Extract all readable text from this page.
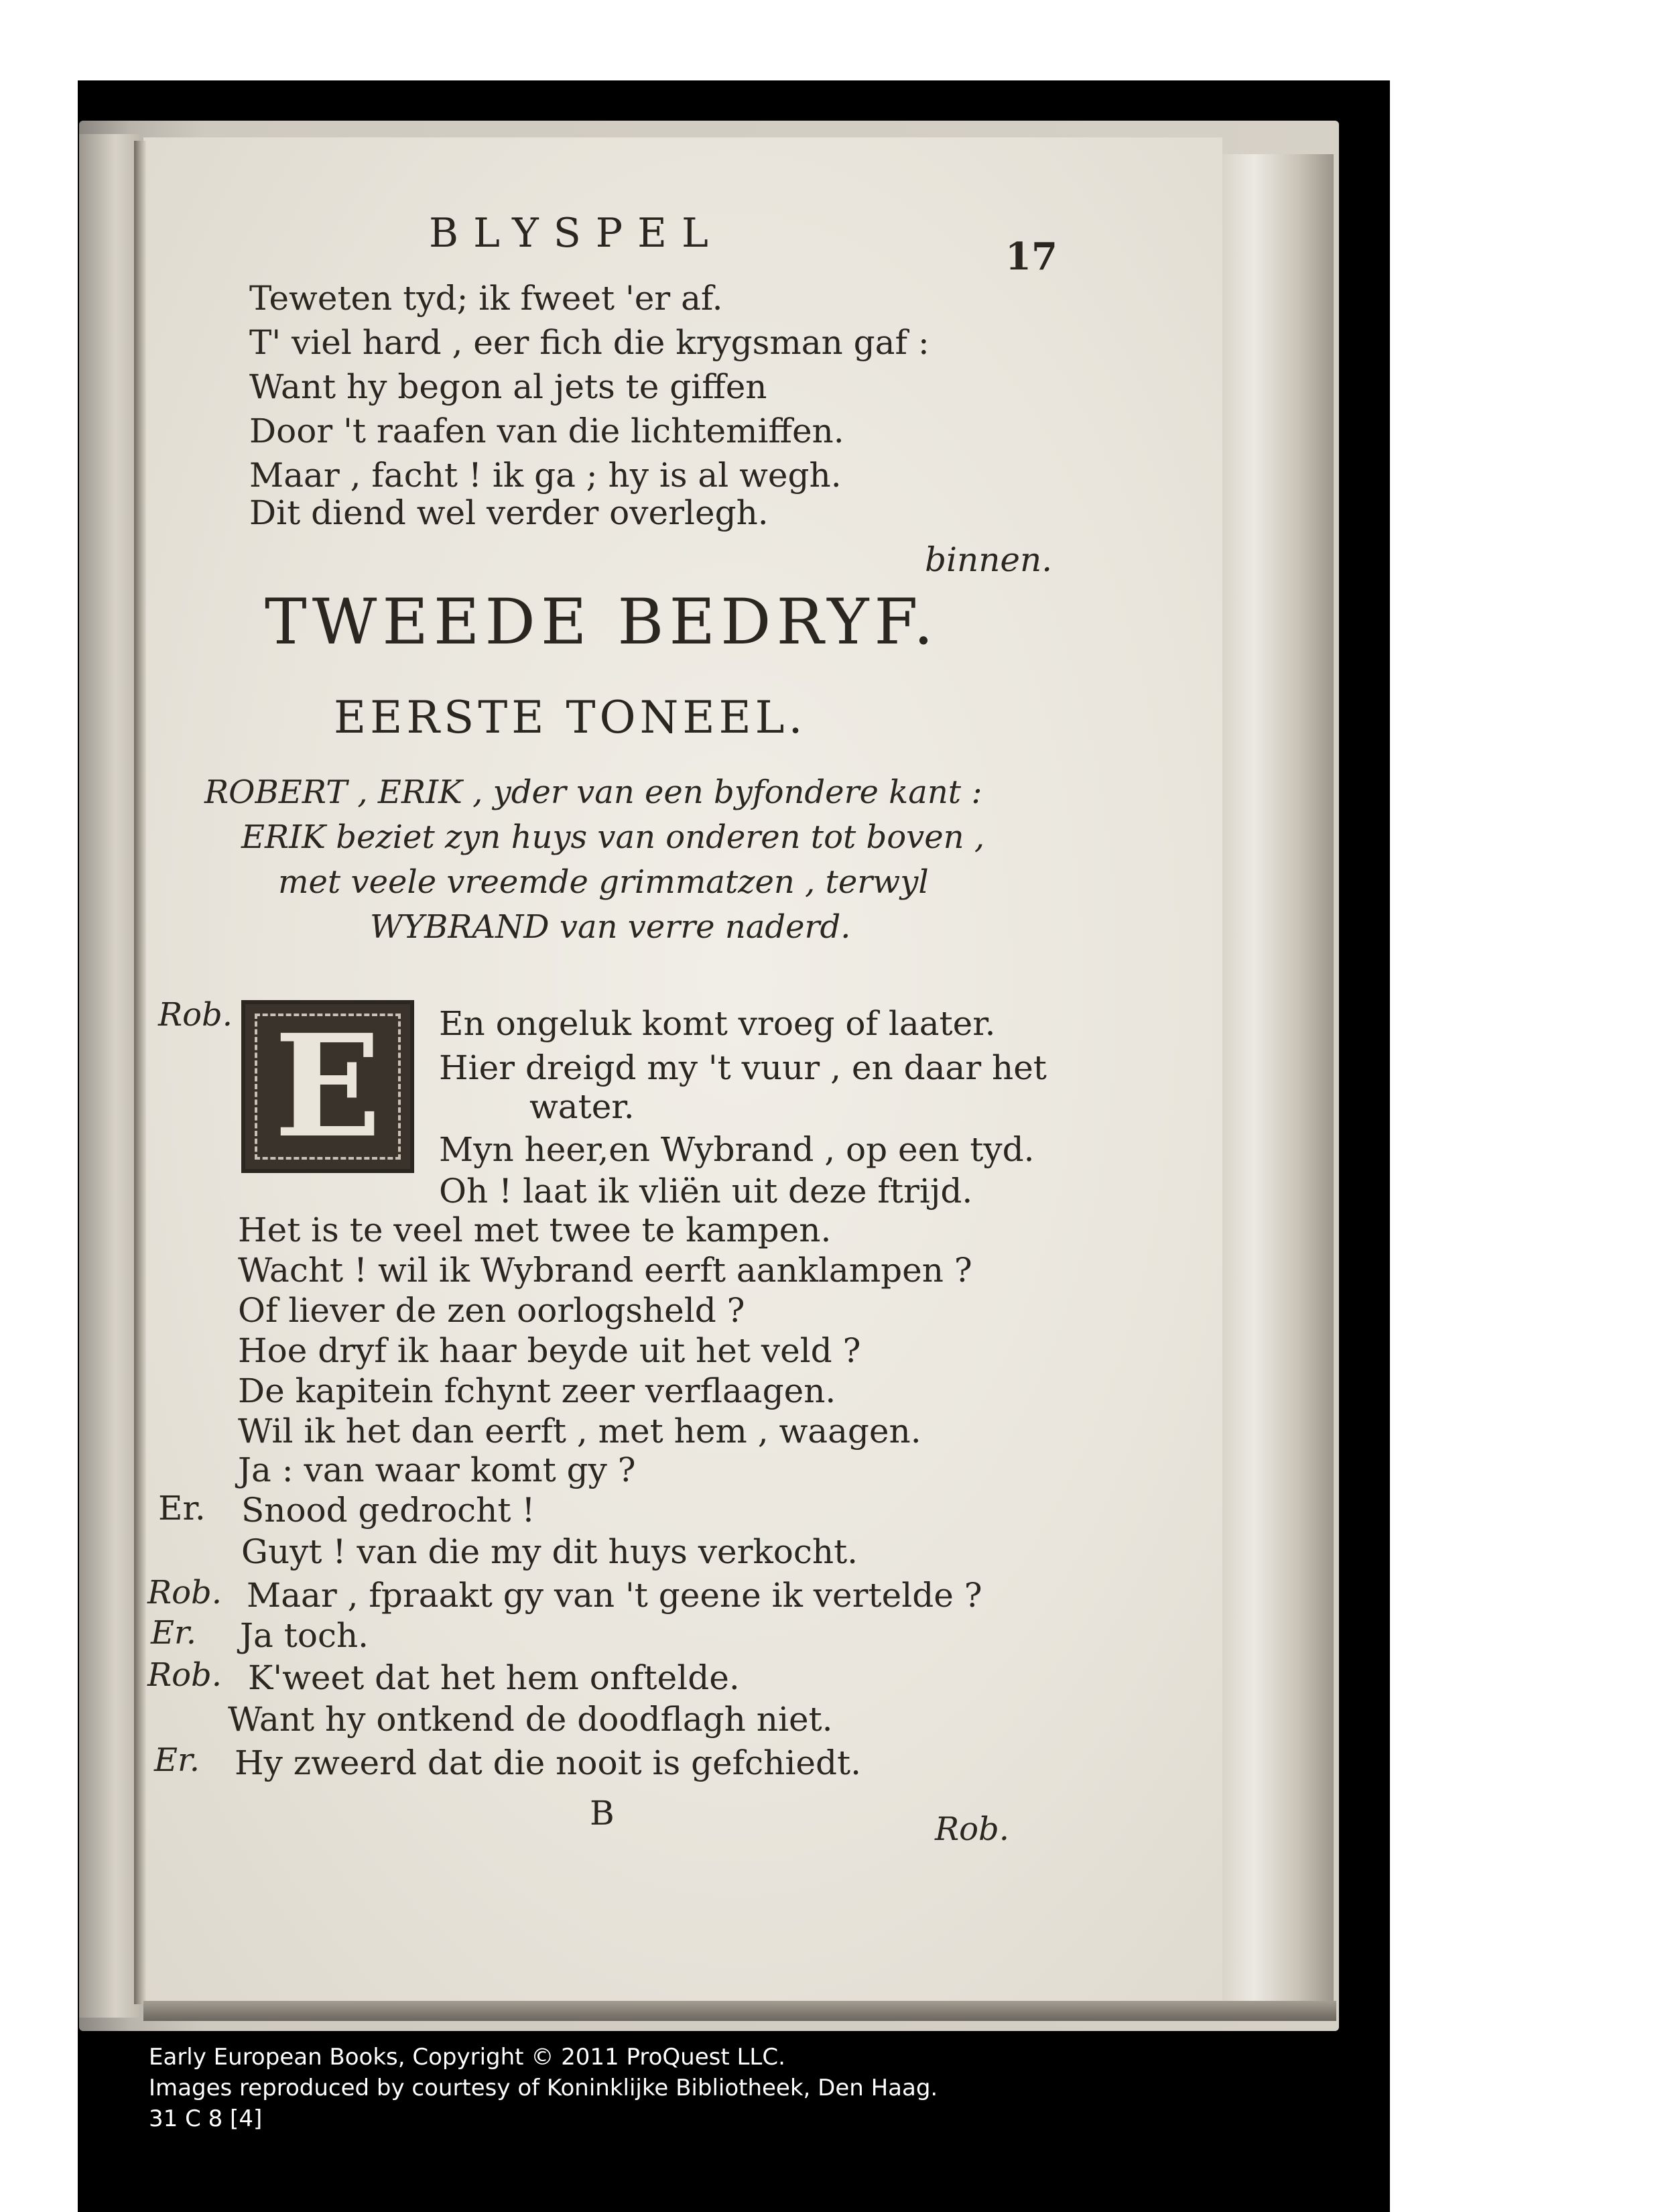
BLYSPEL	17
Teweten tyd; ik fweet 'er af.
T' viel hard , eer fich die krygsman gaf :
Want hy begon al jets te giffen
Door 't raafen van die lichtemiffen.
Maar , facht ! ik ga ; hy is al wegh.
Dit diend wel verder overlegh.
binnen.
TWEEDE BEDRYF.
EERSTE TONEEL.
ROBERT , ERIK , yder van een byfondere kant :
ERIK beziet zyn huys van onderen tot boven ,
met veele vreemde grimmatzen , terwyl
WYBRAND van verre naderd.
E
Rob.	En ongeluk komt vroeg of laater.
Hier dreigd my 't vuur , en daar het
water.
Myn heer,en Wybrand , op een tyd.
Oh ! laat ik vliën uit deze ftrijd.
Het is te veel met twee te kampen.
Wacht ! wil ik Wybrand eerft aanklampen ?
Of liever de zen oorlogsheld ?
Hoe dryf ik haar beyde uit het veld ?
De kapitein fchynt zeer verflaagen.
Wil ik het dan eerft , met hem , waagen.
Ja : van waar komt gy ?
Er. Snood gedrocht !
Guyt ! van die my dit huys verkocht.
Rob. Maar , fpraakt gy van 't geene ik vertelde ?
Er. Ja toch.
Rob. K'weet dat het hem onftelde.
Want hy ontkend de doodflagh niet.
Er. Hy zweerd dat die nooit is gefchiedt.
B	Rob.
Early European Books, Copyright © 2011 ProQuest LLC.
Images reproduced by courtesy of Koninklijke Bibliotheek, Den Haag.
31 C 8 [4]
